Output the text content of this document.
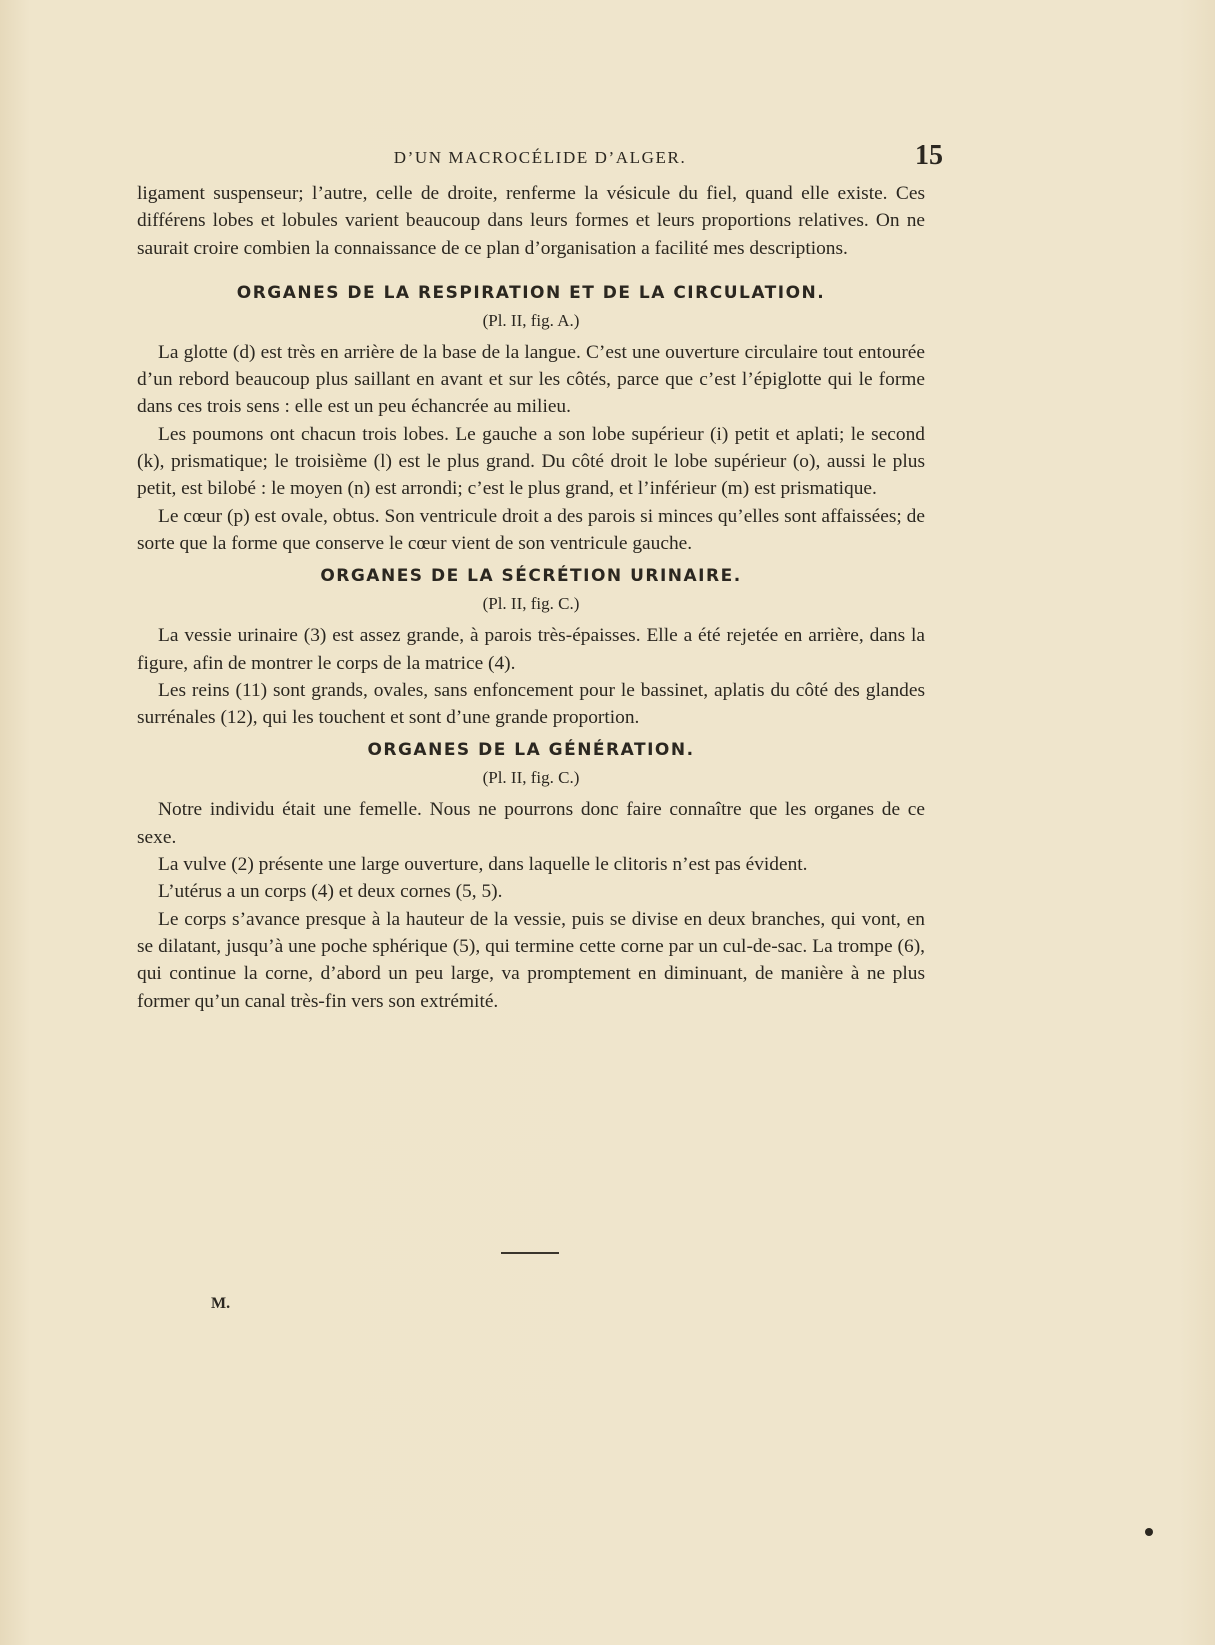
D’UN MACROCÉLIDE D’ALGER.	15

ligament suspenseur; l’autre, celle de droite, renferme la vésicule du fiel, quand elle existe. Ces différens lobes et lobules varient beaucoup dans leurs formes et leurs proportions relatives. On ne saurait croire combien la connaissance de ce plan d’organisation a facilité mes descriptions.

ORGANES DE LA RESPIRATION ET DE LA CIRCULATION.
(Pl. II, fig. A.)

La glotte (d) est très en arrière de la base de la langue. C’est une ouverture circulaire tout entourée d’un rebord beaucoup plus saillant en avant et sur les côtés, parce que c’est l’épiglotte qui le forme dans ces trois sens : elle est un peu échancrée au milieu.

Les poumons ont chacun trois lobes. Le gauche a son lobe supérieur (i) petit et aplati; le second (k), prismatique; le troisième (l) est le plus grand. Du côté droit le lobe supérieur (o), aussi le plus petit, est bilobé : le moyen (n) est arrondi; c’est le plus grand, et l’inférieur (m) est prismatique.

Le cœur (p) est ovale, obtus. Son ventricule droit a des parois si minces qu’elles sont affaissées; de sorte que la forme que conserve le cœur vient de son ventricule gauche.

ORGANES DE LA SÉCRÉTION URINAIRE.
(Pl. II, fig. C.)

La vessie urinaire (3) est assez grande, à parois très-épaisses. Elle a été rejetée en arrière, dans la figure, afin de montrer le corps de la matrice (4).

Les reins (11) sont grands, ovales, sans enfoncement pour le bassinet, aplatis du côté des glandes surrénales (12), qui les touchent et sont d’une grande proportion.

ORGANES DE LA GÉNÉRATION.
(Pl. II, fig. C.)

Notre individu était une femelle. Nous ne pourrons donc faire connaître que les organes de ce sexe.

La vulve (2) présente une large ouverture, dans laquelle le clitoris n’est pas évident.

L’utérus a un corps (4) et deux cornes (5, 5).

Le corps s’avance presque à la hauteur de la vessie, puis se divise en deux branches, qui vont, en se dilatant, jusqu’à une poche sphérique (5), qui termine cette corne par un cul-de-sac. La trompe (6), qui continue la corne, d’abord un peu large, va promptement en diminuant, de manière à ne plus former qu’un canal très-fin vers son extrémité.

M.
